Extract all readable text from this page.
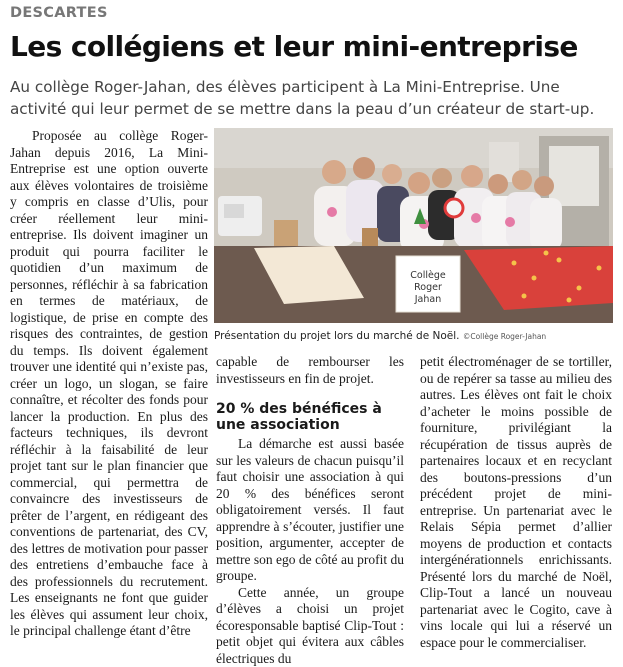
DESCARTES
Les collégiens et leur mini-entreprise

Au collège Roger-Jahan, des élèves participent à La Mini-Entreprise. Une activité qui leur permet de se mettre dans la peau d’un créateur de start-up.

Proposée au collège Roger-Jahan depuis 2016, La Mini-Entreprise est une option ouverte aux élèves volontaires de troisième y compris en classe d’Ulis, pour créer réellement leur mini-entreprise. Ils doivent imaginer un produit qui pourra faciliter le quotidien d’un maximum de personnes, réfléchir à sa fabrication en termes de matériaux, de logistique, de prise en compte des risques des contraintes, de gestion du temps. Ils doivent également trouver une identité qui n’existe pas, créer un logo, un slogan, se faire connaître, et récolter des fonds pour lancer la production. En plus des facteurs techniques, ils devront réfléchir à la faisabilité de leur projet tant sur le plan financier que commercial, qui permettra de convaincre des investisseurs de prêter de l’argent, en rédigeant des conventions de partenariat, des CV, des lettres de motivation pour passer des entretiens d’embauche face à des professionnels du recrutement. Les enseignants ne font que guider les élèves qui assument leur choix, le principal challenge étant d’être

Collège
Roger
Jahan
Présentation du projet lors du marché de Noël. ©Collège Roger-Jahan

capable de rembourser les investisseurs en fin de projet.

20 % des bénéfices à une association

La démarche est aussi basée sur les valeurs de chacun puisqu’il faut choisir une association à qui 20 % des bénéfices seront obligatoirement versés. Il faut apprendre à s’écouter, justifier une position, argumenter, accepter de mettre son ego de côté au profit du groupe.

Cette année, un groupe d’élèves a choisi un projet écoresponsable baptisé Clip-Tout : petit objet qui évitera aux câbles électriques du

petit électroménager de se tortiller, ou de repérer sa tasse au milieu des autres. Les élèves ont fait le choix d’acheter le moins possible de fourniture, privilégiant la récupération de tissus auprès de partenaires locaux et en recyclant des boutons-pressions d’un précédent projet de mini-entreprise. Un partenariat avec le Relais Sépia permet d’allier moyens de production et contacts intergénérationnels enrichissants. Présenté lors du marché de Noël, Clip-Tout a lancé un nouveau partenariat avec le Cogito, cave à vins locale qui lui a réservé un espace pour le commercialiser.
